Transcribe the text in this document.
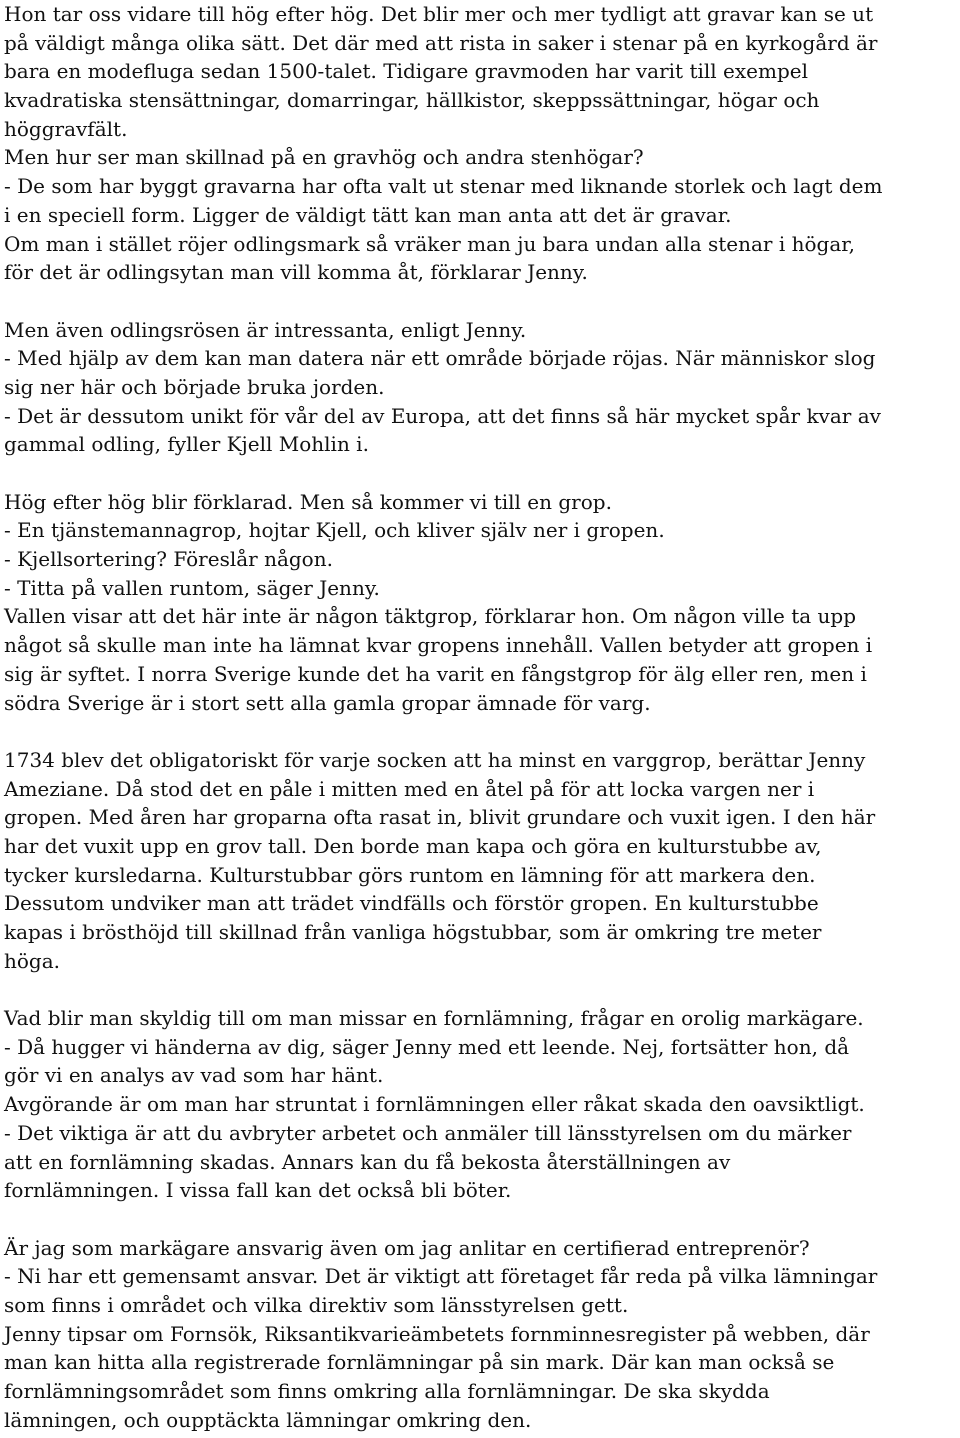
Hon tar oss vidare till hög efter hög. Det blir mer och mer tydligt att gravar kan se ut
på väldigt många olika sätt. Det där med att rista in saker i stenar på en kyrkogård är
bara en modefluga sedan 1500-talet. Tidigare gravmoden har varit till exempel
kvadratiska stensättningar, domarringar, hällkistor, skeppssättningar, högar och
höggravfält.
Men hur ser man skillnad på en gravhög och andra stenhögar?
- De som har byggt gravarna har ofta valt ut stenar med liknande storlek och lagt dem
i en speciell form. Ligger de väldigt tätt kan man anta att det är gravar.
Om man i stället röjer odlingsmark så vräker man ju bara undan alla stenar i högar,
för det är odlingsytan man vill komma åt, förklarar Jenny.
Men även odlingsrösen är intressanta, enligt Jenny.
- Med hjälp av dem kan man datera när ett område började röjas. När människor slog
sig ner här och började bruka jorden.
- Det är dessutom unikt för vår del av Europa, att det finns så här mycket spår kvar av
gammal odling, fyller Kjell Mohlin i.
Hög efter hög blir förklarad. Men så kommer vi till en grop.
- En tjänstemannagrop, hojtar Kjell, och kliver själv ner i gropen.
- Kjellsortering? Föreslår någon.
- Titta på vallen runtom, säger Jenny.
Vallen visar att det här inte är någon täktgrop, förklarar hon. Om någon ville ta upp
något så skulle man inte ha lämnat kvar gropens innehåll. Vallen betyder att gropen i
sig är syftet. I norra Sverige kunde det ha varit en fångstgrop för älg eller ren, men i
södra Sverige är i stort sett alla gamla gropar ämnade för varg.
1734 blev det obligatoriskt för varje socken att ha minst en varggrop, berättar Jenny
Ameziane. Då stod det en påle i mitten med en åtel på för att locka vargen ner i
gropen. Med åren har groparna ofta rasat in, blivit grundare och vuxit igen. I den här
har det vuxit upp en grov tall. Den borde man kapa och göra en kulturstubbe av,
tycker kursledarna. Kulturstubbar görs runtom en lämning för att markera den.
Dessutom undviker man att trädet vindfälls och förstör gropen. En kulturstubbe
kapas i brösthöjd till skillnad från vanliga högstubbar, som är omkring tre meter
höga.
Vad blir man skyldig till om man missar en fornlämning, frågar en orolig markägare.
- Då hugger vi händerna av dig, säger Jenny med ett leende. Nej, fortsätter hon, då
gör vi en analys av vad som har hänt.
Avgörande är om man har struntat i fornlämningen eller råkat skada den oavsiktligt.
- Det viktiga är att du avbryter arbetet och anmäler till länsstyrelsen om du märker
att en fornlämning skadas. Annars kan du få bekosta återställningen av
fornlämningen. I vissa fall kan det också bli böter.
Är jag som markägare ansvarig även om jag anlitar en certifierad entreprenör?
- Ni har ett gemensamt ansvar. Det är viktigt att företaget får reda på vilka lämningar
som finns i området och vilka direktiv som länsstyrelsen gett.
Jenny tipsar om Fornsök, Riksantikvarieämbetets fornminnesregister på webben, där
man kan hitta alla registrerade fornlämningar på sin mark. Där kan man också se
fornlämningsområdet som finns omkring alla fornlämningar. De ska skydda
lämningen, och oupptäckta lämningar omkring den.
